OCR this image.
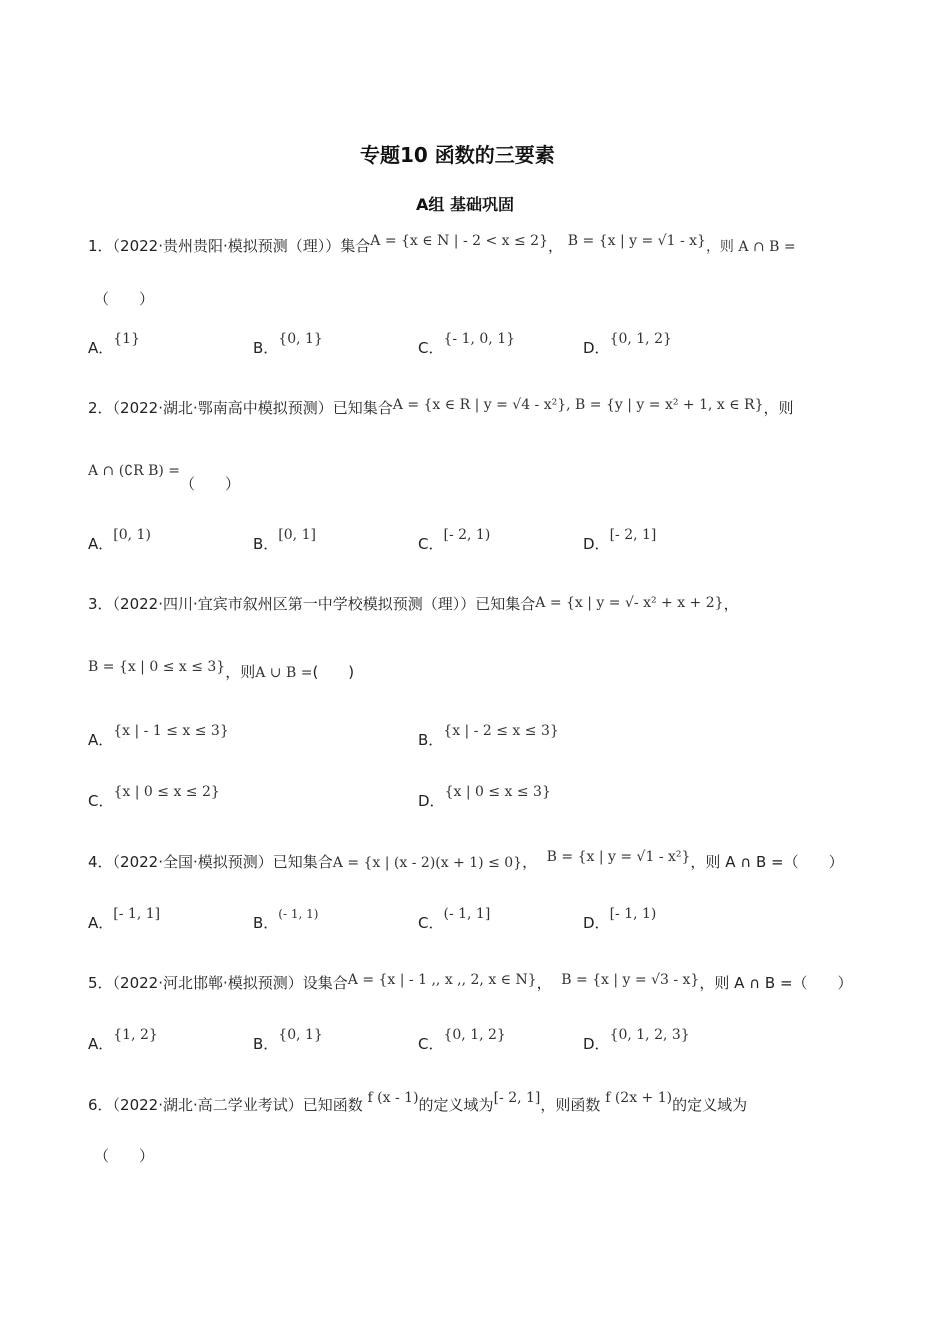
专题10 函数的三要素
A组 基础巩固
1．（2022·贵州贵阳·模拟预测（理））集合A = {x ∈ N | - 2 < x ≤ 2}， B = {x | y = √1 - x}，则 A ∩ B =
（　　）
A．{1}	B．{0, 1}	C．{- 1, 0, 1}	D．{0, 1, 2}
2．（2022·湖北·鄂南高中模拟预测）已知集合A = {x ∈ R | y = √4 - x²}, B = {y | y = x² + 1, x ∈ R}，则
A ∩ (∁R B) =
（　　）
A．[0, 1)	B．[0, 1]	C．[- 2, 1)	D．[- 2, 1]
3．（2022·四川·宜宾市叙州区第一中学校模拟预测（理））已知集合A = {x | y = √- x² + x + 2}，
B = {x | 0 ≤ x ≤ 3}，则A ∪ B =(　　)
A．{x | - 1 ≤ x ≤ 3}	B．{x | - 2 ≤ x ≤ 3}
C．{x | 0 ≤ x ≤ 2}	D．{x | 0 ≤ x ≤ 3}
4．（2022·全国·模拟预测）已知集合A = {x | (x - 2)(x + 1) ≤ 0}， B = {x | y = √1 - x²}，则 A ∩ B =（　　）
A．[- 1, 1]	B．$^{(- 1, 1)}$	C．(- 1, 1]	D．[- 1, 1)
5．（2022·河北邯郸·模拟预测）设集合A = {x | - 1 ,, x ,, 2, x ∈ N}， B = {x | y = √3 - x}，则 A ∩ B =（　　）
A．{1, 2}	B．{0, 1}	C．{0, 1, 2}	D．{0, 1, 2, 3}
6．（2022·湖北·高二学业考试）已知函数 f (x - 1)的定义域为[- 2, 1]，则函数 f (2x + 1)的定义域为
（　　）
